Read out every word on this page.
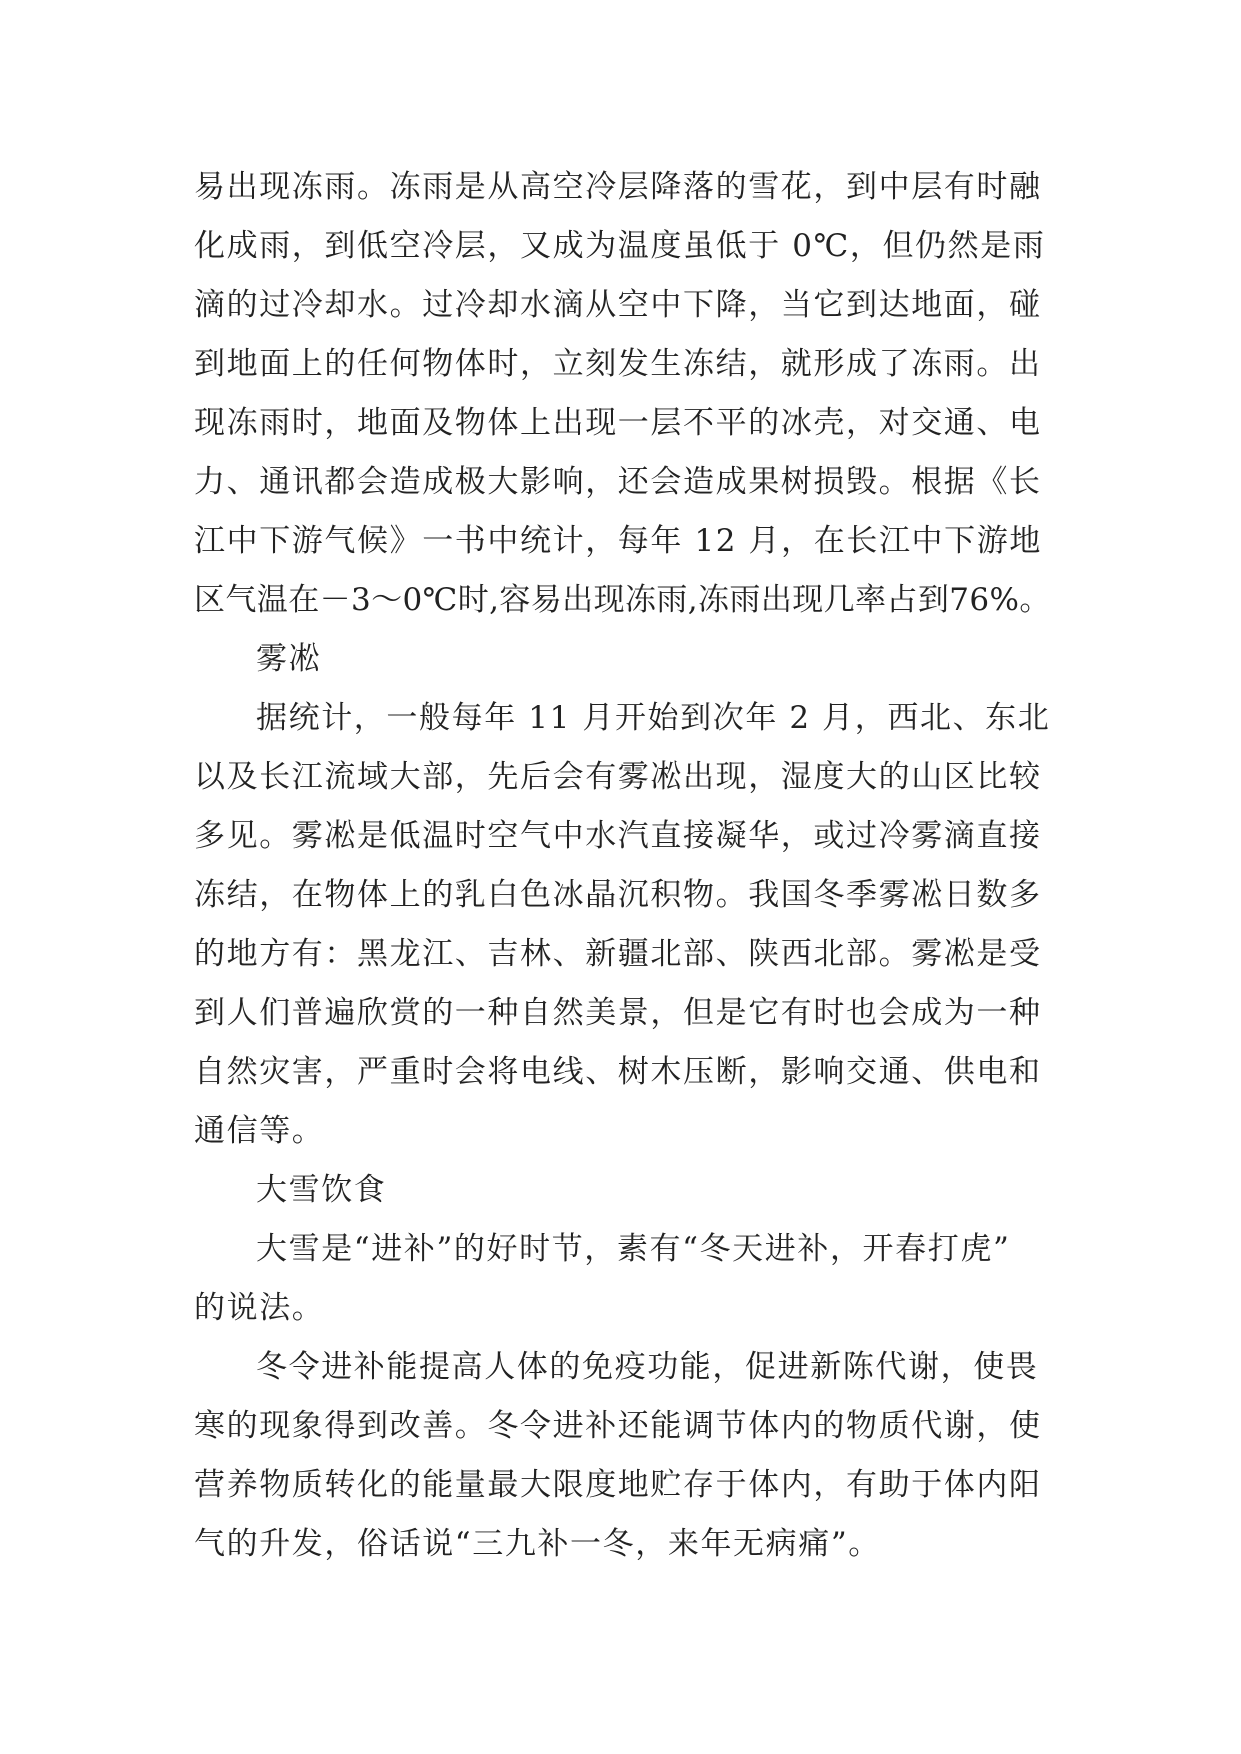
易出现冻雨。冻雨是从高空冷层降落的雪花，到中层有时融
化成雨，到低空冷层，又成为温度虽低于 0℃，但仍然是雨
滴的过冷却水。过冷却水滴从空中下降，当它到达地面，碰
到地面上的任何物体时，立刻发生冻结，就形成了冻雨。出
现冻雨时，地面及物体上出现一层不平的冰壳，对交通、电
力、通讯都会造成极大影响，还会造成果树损毁。根据《长
江中下游气候》一书中统计，每年 12 月，在长江中下游地
区气温在－3～0℃时,容易出现冻雨,冻雨出现几率占到76%。
雾凇
据统计，一般每年 11 月开始到次年 2 月，西北、东北
以及长江流域大部，先后会有雾凇出现，湿度大的山区比较
多见。雾凇是低温时空气中水汽直接凝华，或过冷雾滴直接
冻结，在物体上的乳白色冰晶沉积物。我国冬季雾凇日数多
的地方有：黑龙江、吉林、新疆北部、陕西北部。雾凇是受
到人们普遍欣赏的一种自然美景，但是它有时也会成为一种
自然灾害，严重时会将电线、树木压断，影响交通、供电和
通信等。
大雪饮食
大雪是“进补”的好时节，素有“冬天进补，开春打虎”
的说法。
冬令进补能提高人体的免疫功能，促进新陈代谢，使畏
寒的现象得到改善。冬令进补还能调节体内的物质代谢，使
营养物质转化的能量最大限度地贮存于体内，有助于体内阳
气的升发，俗话说“三九补一冬，来年无病痛”。
